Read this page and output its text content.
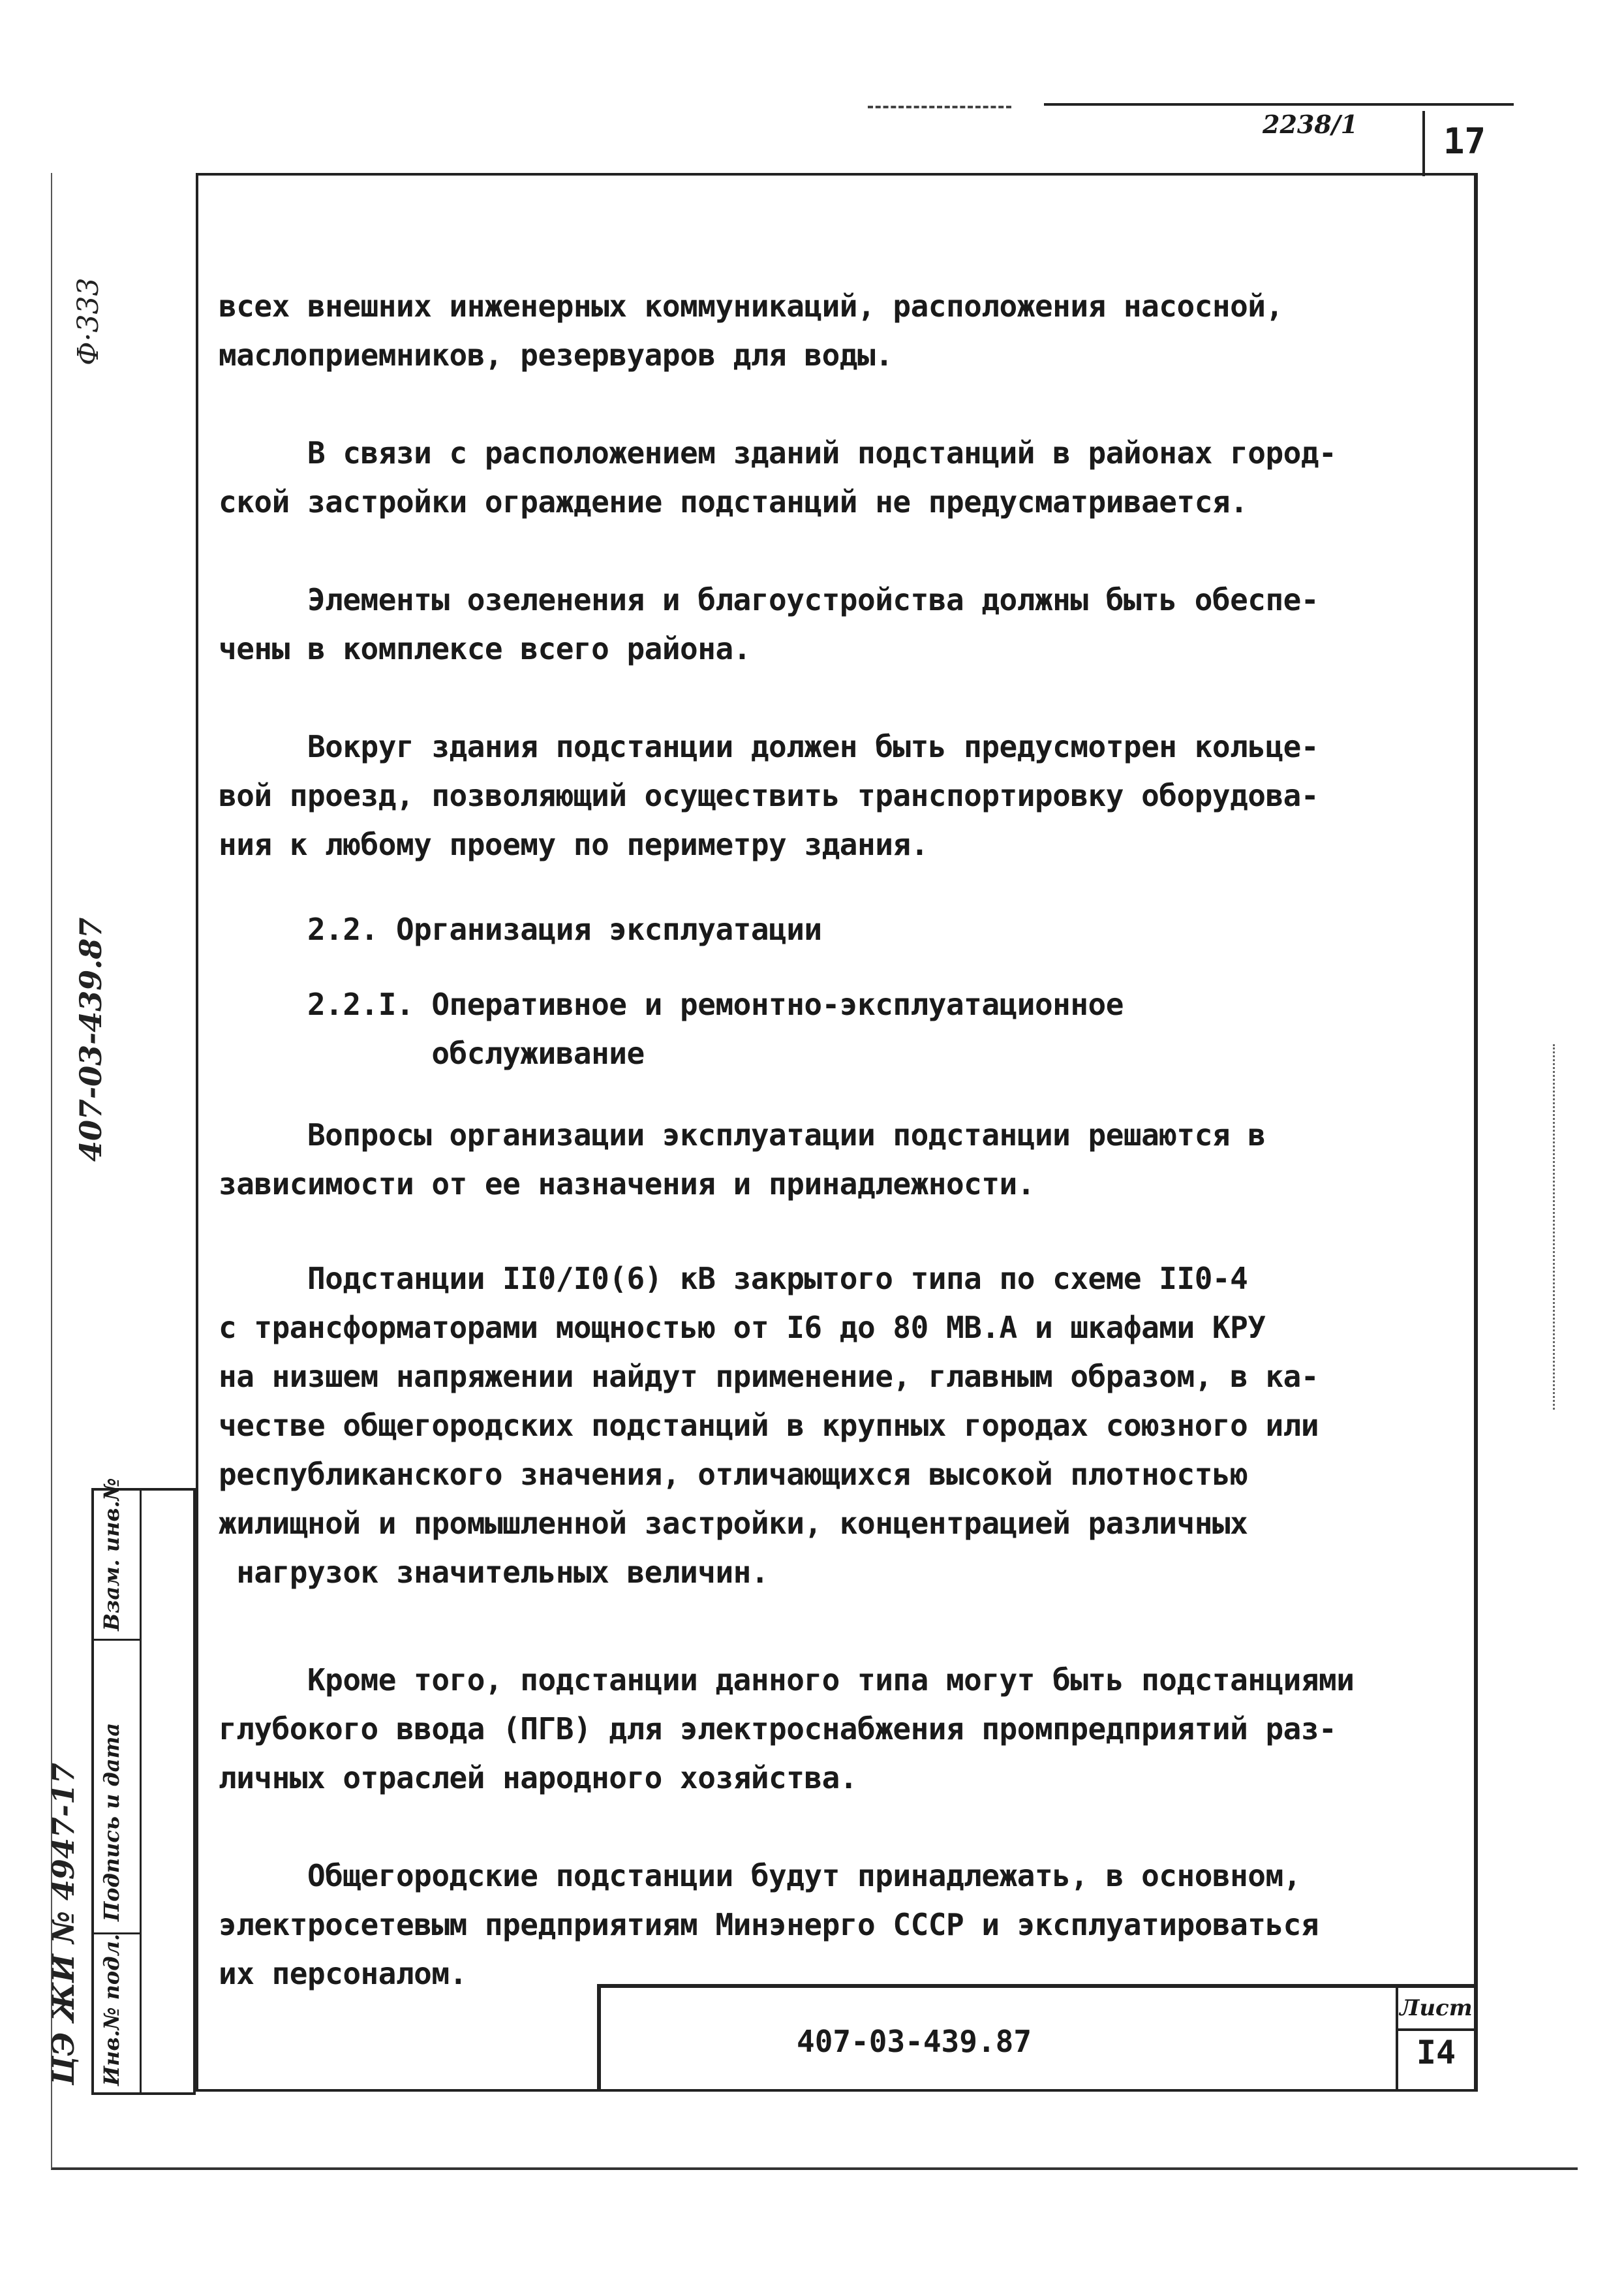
2238/1	17
Ф·333
407-03-439.87
ЦЭ ЖИ № 4947-17
Взам. инв.№
Подпись и дата
Инв.№ подл.

всех внешних инженерных коммуникаций, расположения насосной,

маслоприемников, резервуаров для воды.

В связи с расположением зданий подстанций в районах город-

ской застройки ограждение подстанций не предусматривается.

Элементы озеленения и благоустройства должны быть обеспе-

чены в комплексе всего района.

Вокруг здания подстанции должен быть предусмотрен кольце-

вой проезд, позволяющий осуществить транспортировку оборудова-

ния к любому проему по периметру здания.

2.2. Организация эксплуатации

2.2.I. Оперативное и ремонтно-эксплуатационное

обслуживание

Вопросы организации эксплуатации подстанции решаются в

зависимости от ее назначения и принадлежности.

Подстанции II0/I0(6) кВ закрытого типа по схеме II0-4

с трансформаторами мощностью от I6 до 80 МВ.А и шкафами КРУ

на низшем напряжении найдут применение, главным образом, в ка-

честве общегородских подстанций в крупных городах союзного или

республиканского значения, отличающихся высокой плотностью

жилищной и промышленной застройки, концентрацией различных

нагрузок значительных величин.

Кроме того, подстанции данного типа могут быть подстанциями

глубокого ввода (ПГВ) для электроснабжения промпредприятий раз-

личных отраслей народного хозяйства.

Общегородские подстанции будут принадлежать, в основном,

электросетевым предприятиям Минэнерго СССР и эксплуатироваться

их персоналом.

407-03-439.87
Лист
I4
